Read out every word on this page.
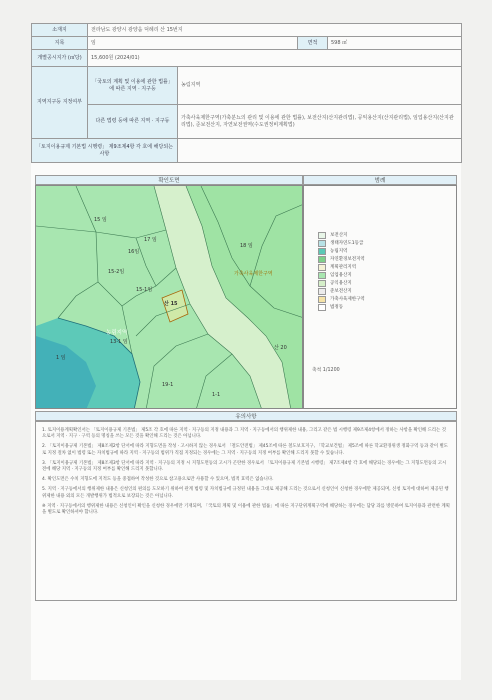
소재지	전라남도 광양시 광양읍 덕례리 산 15번지			
지목	임		면적	598 ㎡
개별공시지가 (㎡당)	15,600원 (2024/01)			
지역지구등 지정여부	「국토의 계획 및 이용에 관한 법률」에 따른 지역 · 지구등	농림지역		
	다른 법령 등에 따른 지역 · 지구등	가축사육제한구역(가축분뇨의 관리 및 이용에 관한 법률), 보전산지(산지관리법), 공익용산지(산지관리법), 임업용산지(산지관리법), 준보전산지, 자연보전권역(수도권정비계획법)		
「토지이용규제 기본법 시행령」 제9조제4항 각 호에 해당되는 사항				
확인도면	범례
15 임
16임
17 임
18 임
산 15
15-1임
15-2임	가축사육제한구역
농림지역
1 임
13-1 임
산 20
19-1
1-1
보전산지
생태자연도1등급
농림지역
자연환경보전지역
계획관리지역
임업용산지
공익용산지
준보전산지
가축사육제한구역
법정동
축척 1/1200
유의사항
1. 토지이용계획확인서는 「토지이용규제 기본법」 제5조 각 호에 따른 지역 · 지구등의 지정 내용과 그 지역 · 지구등에서의 행위제한 내용, 그리고 같은 법 시행령 제9조제4항에서 정하는 사항을 확인해 드리는 것으로서 지역 · 지구 · 구역 등의 명칭을 쓰는 모든 것을 확인해 드리는 것은 아닙니다.
2. 「토지이용규제 기본법」 제8조제2항 단서에 따라 지형도면을 작성 · 고시하지 않는 경우로서 「철도안전법」 제45조에 따른 철도보호지구, 「학교보건법」 제5조에 따른 학교환경위생 정화구역 등과 같이 별도로 지정 절차 없이 법령 또는 자치법규에 따라 지역 · 지구등의 범위가 직접 지정되는 경우에는 그 지역 · 지구등의 지정 여부를 확인해 드리지 못할 수 있습니다.
3. 「토지이용규제 기본법」 제8조제3항 단서에 따라 지역 · 지구등의 지정 시 지형도면등의 고시가 곤란한 경우로서 「토지이용규제 기본법 시행령」 제7조제4항 각 호에 해당되는 경우에는 그 지형도면등의 고시 전에 해당 지역 · 지구등의 지정 여부를 확인해 드리지 못합니다.
4. 확인도면은 수치 지형도에 지적도 등을 중첩하여 작성한 것으로 참고용으로만 사용할 수 있으며, 법적 효력은 없습니다.
5. 지역 · 지구등에서의 행위제한 내용은 신청인의 편의를 도모하기 위하여 관계 법령 및 자치법규에 규정된 내용을 그대로 제공해 드리는 것으로서 신청인이 신청한 경우에만 제공되며, 신청 토지에 대하여 제공된 행위제한 내용 외의 모든 개발행위가 법적으로 보장되는 것은 아닙니다.
※ 지역 · 지구등에서의 행위제한 내용은 신청인이 확인을 신청한 경우에만 기재되며, 「국토의 계획 및 이용에 관한 법률」에 따른 지구단위계획구역에 해당하는 경우에는 담당 과를 방문하여 토지이용과 관련한 계획을 별도로 확인하셔야 합니다.
